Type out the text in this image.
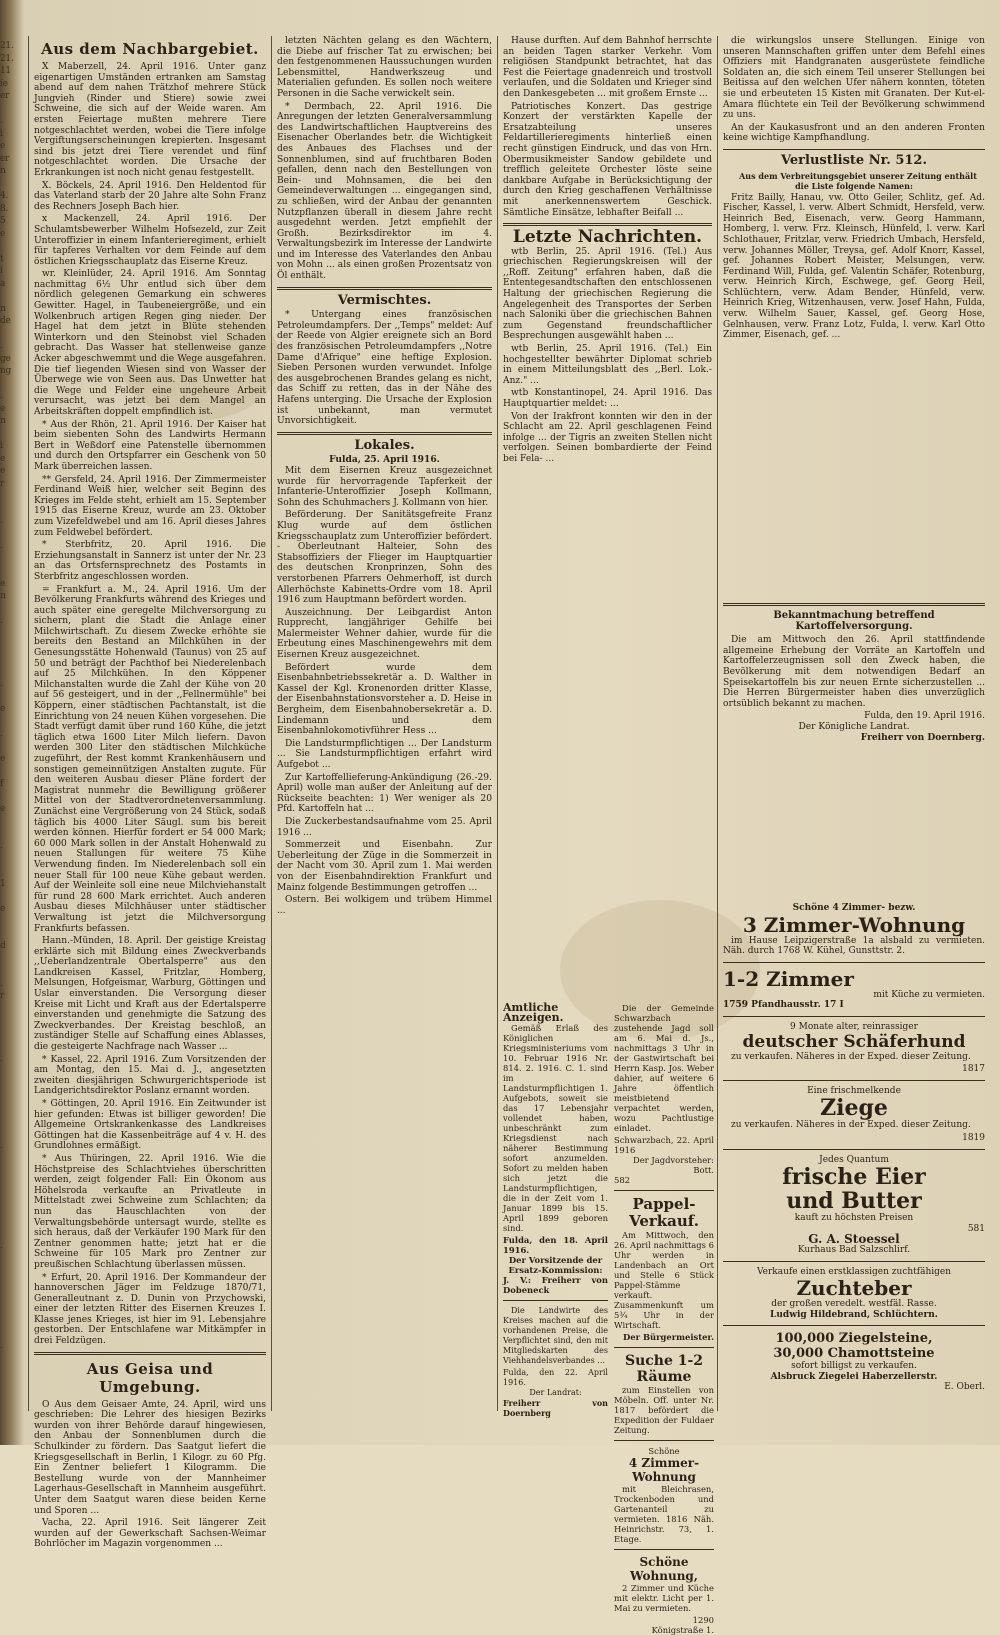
21.
21.
11
ie
er
.
i
e
er
n
4.
8.
5
e
t
i
a
n
de
.
ge
ng
.
e
n
i
e
e
r
.
.
e
n
.
.
e
.
e
f
e
.
1
e
d
.
r
.
.
.
.
Aus dem Nachbargebiet.

X Maberzell, 24. April 1916. Unter ganz eigenartigen Umständen ertranken am Samstag abend auf dem nahen Trätzhof mehrere Stück Jungvieh (Rinder und Stiere) sowie zwei Schweine, die sich auf der Weide waren. Am ersten Feiertage mußten mehrere Tiere notgeschlachtet werden, wobei die Tiere infolge Vergiftungserscheinungen krepierten. Insgesamt sind bis jetzt drei Tiere verendet und fünf notgeschlachtet worden. Die Ursache der Erkrankungen ist noch nicht genau festgestellt.

X. Böckels, 24. April 1916. Den Heldentod für das Vaterland starb der 20 Jahre alte Sohn Franz des Rechners Joseph Bach hier.

x Mackenzell, 24. April 1916. Der Schulamtsbewerber Wilhelm Hofsezeld, zur Zeit Unteroffizier in einem Infanterieregiment, erhielt für tapferes Verhalten vor dem Feinde auf dem östlichen Kriegsschauplatz das Eiserne Kreuz.

wr. Kleinlüder, 24. April 1916. Am Sonntag nachmittag 6½ Uhr entlud sich über dem nördlich gelegenen Gemarkung ein schweres Gewitter. Hagel, in Taubeneiergröße, und ein Wolkenbruch artigen Regen ging nieder. Der Hagel hat dem jetzt in Blüte stehenden Winterkorn und den Steinobst viel Schaden gebracht. Das Wasser hat stellenweise ganze Acker abgeschwemmt und die Wege ausgefahren. Die tief liegenden Wiesen sind von Wasser der Überwege wie von Seen aus. Das Unwetter hat die Wege und Felder eine ungeheure Arbeit verursacht, was jetzt bei dem Mangel an Arbeitskräften doppelt empfindlich ist.

* Aus der Rhön, 21. April 1916. Der Kaiser hat beim siebenten Sohn des Landwirts Hermann Bert in Weßdorf eine Patenstelle übernommen und durch den Ortspfarrer ein Geschenk von 50 Mark überreichen lassen.

** Gersfeld, 24. April 1916. Der Zimmermeister Ferdinand Weiß hier, welcher seit Beginn des Krieges im Felde steht, erhielt am 15. September 1915 das Eiserne Kreuz, wurde am 23. Oktober zum Vizefeldwebel und am 16. April dieses Jahres zum Feldwebel befördert.

* Sterbfritz, 20. April 1916. Die Erziehungsanstalt in Sannerz ist unter der Nr. 23 an das Ortsfernsprechnetz des Postamts in Sterbfritz angeschlossen worden.

= Frankfurt a. M., 24. April 1916. Um der Bevölkerung Frankfurts während des Krieges und auch später eine geregelte Milchversorgung zu sichern, plant die Stadt die Anlage einer Milchwirtschaft. Zu diesem Zwecke erhöhte sie bereits den Bestand an Milchkühen in der Genesungsstätte Hohenwald (Taunus) von 25 auf 50 und beträgt der Pachthof bei Niederelenbach auf 25 Milchkühen. In den Köppener Milchanstalten wurde die Zahl der Kühe von 20 auf 56 gesteigert, und in der ,,Fellnermühle" bei Köppern, einer städtischen Pachtanstalt, ist die Einrichtung von 24 neuen Kühen vorgesehen. Die Stadt verfügt damit über rund 160 Kühe, die jetzt täglich etwa 1600 Liter Milch liefern. Davon werden 300 Liter den städtischen Milchküche zugeführt, der Rest kommt Krankenhäusern und sonstigen gemeinnützigen Anstalten zugute. Für den weiteren Ausbau dieser Pläne fordert der Magistrat nunmehr die Bewilligung größerer Mittel von der Stadtverordnetenversammlung. Zunächst eine Vergrößerung von 24 Stück, sodaß täglich bis 4000 Liter Säugl. sum bis bereit werden können. Hierfür fordert er 54 000 Mark; 60 000 Mark sollen in der Anstalt Hohenwald zu neuen Stallungen für weitere 75 Kühe Verwendung finden. Im Niederelenbach soll ein neuer Stall für 100 neue Kühe gebaut werden. Auf der Weinleite soll eine neue Milchviehanstalt für rund 28 600 Mark errichtet. Auch anderen Ausbau dieses Milchhäuser unter städtischer Verwaltung ist jetzt die Milchversorgung Frankfurts befassen.

Hann.-Münden, 18. April. Der geistige Kreistag erklärte sich mit Bildung eines Zweckverbands ,,Ueberlandzentrale Obertalsperre" aus den Landkreisen Kassel, Fritzlar, Homberg, Melsungen, Hofgeismar, Warburg, Göttingen und Uslar einverstanden. Die Versorgung dieser Kreise mit Licht und Kraft aus der Edertalsperre einverstanden und genehmigte die Satzung des Zweckverbandes. Der Kreistag beschloß, an zuständiger Stelle auf Schaffung eines Ablasses, die gesteigerte Nachfrage nach Wasser ...

* Kassel, 22. April 1916. Zum Vorsitzenden der am Montag, den 15. Mai d. J., angesetzten zweiten diesjährigen Schwurgerichtsperiode ist Landgerichtsdirektor Poslanz ernannt worden.

* Göttingen, 20. April 1916. Ein Zeitwunder ist hier gefunden: Etwas ist billiger geworden! Die Allgemeine Ortskrankenkasse des Landkreises Göttingen hat die Kassenbeiträge auf 4 v. H. des Grundlohnes ermäßigt.

* Aus Thüringen, 22. April 1916. Wie die Höchstpreise des Schlachtviehes überschritten werden, zeigt folgender Fall: Ein Ökonom aus Höhelsroda verkaufte an Privatleute in Mittelstadt zwei Schweine zum Schlachten; da nun das Hauschlachten von der Verwaltungsbehörde untersagt wurde, stellte es sich heraus, daß der Verkäufer 190 Mark für den Zentner genommen hatte; jetzt hat er die Schweine für 105 Mark pro Zentner zur preußischen Schlachtung überlassen müssen.

* Erfurt, 20. April 1916. Der Kommandeur der hannoverschen Jäger im Feldzuge 1870/71, Generalleutnant z. D. Dunin von Przychowski, einer der letzten Ritter des Eisernen Kreuzes I. Klasse jenes Krieges, ist hier im 91. Lebensjahre gestorben. Der Entschlafene war Mitkämpfer in drei Feldzügen.

Aus Geisa und Umgebung.

O Aus dem Geisaer Amte, 24. April, wird uns geschrieben: Die Lehrer des hiesigen Bezirks wurden von ihrer Behörde darauf hingewiesen, den Anbau der Sonnenblumen durch die Schulkinder zu fördern. Das Saatgut liefert die Kriegsgesellschaft in Berlin, 1 Kilogr. zu 60 Pfg. Ein Zentner beliefert 1 Kilogramm. Die Bestellung wurde von der Mannheimer Lagerhaus-Gesellschaft in Mannheim ausgeführt. Unter dem Saatgut waren diese beiden Kerne und Sporen ...

Vacha, 22. April 1916. Seit längerer Zeit wurden auf der Gewerkschaft Sachsen-Weimar Bohrlöcher im Magazin vorgenommen ...

letzten Nächten gelang es den Wächtern, die Diebe auf frischer Tat zu erwischen; bei den festgenommenen Haussuchungen wurden Lebensmittel, Handwerkszeug und Materialien gefunden. Es sollen noch weitere Personen in die Sache verwickelt sein.

* Dermbach, 22. April 1916. Die Anregungen der letzten Generalversammlung des Landwirtschaftlichen Hauptvereins des Eisenacher Oberlandes betr. die Wichtigkeit des Anbaues des Flachses und der Sonnenblumen, sind auf fruchtbaren Boden gefallen, denn nach den Bestellungen von Bein- und Mohnsamen, die bei den Gemeindeverwaltungen ... eingegangen sind, zu schließen, wird der Anbau der genannten Nutzpflanzen überall in diesem Jahre recht ausgedehnt werden. Jetzt empfiehlt der Großh. Bezirksdirektor im 4. Verwaltungsbezirk im Interesse der Landwirte und im Interesse des Vaterlandes den Anbau von Mohn ... als einen großen Prozentsatz von Öl enthält.

Vermischtes.

* Untergang eines französischen Petroleumdampfers. Der ,,Temps" meldet: Auf der Reede von Algier ereignete sich an Bord des französischen Petroleumdampfers ,,Notre Dame d'Afrique" eine heftige Explosion. Sieben Personen wurden verwundet. Infolge des ausgebrochenen Brandes gelang es nicht, das Schiff zu retten, das in der Nähe des Hafens unterging. Die Ursache der Explosion ist unbekannt, man vermutet Unvorsichtigkeit.

Lokales.
Fulda, 25. April 1916.

Mit dem Eisernen Kreuz ausgezeichnet wurde für hervorragende Tapferkeit der Infanterie-Unteroffizier Joseph Kollmann, Sohn des Schuhmachers J. Kollmann von hier.

Beförderung. Der Sanitätsgefreite Franz Klug wurde auf dem östlichen Kriegsschauplatz zum Unteroffizier befördert. - Oberleutnant Halteier, Sohn des Stabsoffiziers der Flieger im Hauptquartier des deutschen Kronprinzen, Sohn des verstorbenen Pfarrers Oehmerhoff, ist durch Allerhöchste Kabinetts-Ordre vom 18. April 1916 zum Hauptmann befördert worden.

Auszeichnung. Der Leibgardist Anton Rupprecht, langjähriger Gehilfe bei Malermeister Wehner dahier, wurde für die Erbeutung eines Maschinengewehrs mit dem Eisernen Kreuz ausgezeichnet.

Befördert wurde dem Eisenbahnbetriebssekretär a. D. Walther in Kassel der Kgl. Kronenorden dritter Klasse, der Eisenbahnstationsvorsteher a. D. Heise in Bergheim, dem Eisenbahnobersekretär a. D. Lindemann und dem Eisenbahnlokomotivführer Hess ...

Die Landsturmpflichtigen ... Der Landsturm ... Sie Landsturmpflichtigen erfahrt wird Aufgebot ...

Zur Kartoffellieferung-Ankündigung (26.-29. April) wolle man außer der Anleitung auf der Rückseite beachten: 1) Wer weniger als 20 Pfd. Kartoffeln hat ...

Die Zuckerbestandsaufnahme vom 25. April 1916 ...

Sommerzeit und Eisenbahn. Zur Ueberleitung der Züge in die Sommerzeit in der Nacht vom 30. April zum 1. Mai werden von der Eisenbahndirektion Frankfurt und Mainz folgende Bestimmungen getroffen ...

Ostern. Bei wolkigem und trübem Himmel ...

Hause durften. Auf dem Bahnhof herrschte an beiden Tagen starker Verkehr. Vom religiösen Standpunkt betrachtet, hat das Fest die Feiertage gnadenreich und trostvoll verlaufen, und die Soldaten und Krieger sind den Dankesgebeten ... mit großem Ernste ...

Patriotisches Konzert. Das gestrige Konzert der verstärkten Kapelle der Ersatzabteilung unseres Feldartillerieregiments hinterließ einen recht günstigen Eindruck, und das von Hrn. Obermusikmeister Sandow gebildete und trefflich geleitete Orchester löste seine dankbare Aufgabe in Berücksichtigung der durch den Krieg geschaffenen Verhältnisse mit anerkennenswertem Geschick. Sämtliche Einsätze, lebhafter Beifall ...

Letzte Nachrichten.

wtb Berlin, 25. April 1916. (Tel.) Aus griechischen Regierungskreisen will der ,,Roff. Zeitung" erfahren haben, daß die Ententegesandtschaften den entschlossenen Haltung der griechischen Regierung die Angelegenheit des Transportes der Serben nach Saloniki über die griechischen Bahnen zum Gegenstand freundschaftlicher Besprechungen ausgewählt haben ...

wtb Berlin, 25. April 1916. (Tel.) Ein hochgestellter bewährter Diplomat schrieb in einem Mitteilungsblatt des ,,Berl. Lok.-Anz." ...

wtb Konstantinopel, 24. April 1916. Das Hauptquartier meldet: ...

Von der Irakfront konnten wir den in der Schlacht am 22. April geschlagenen Feind infolge ... der Tigris an zweiten Stellen nicht verfolgen. Seinen bombardierte der Feind bei Fela- ...

die wirkungslos unsere Stellungen. Einige von unseren Mannschaften griffen unter dem Befehl eines Offiziers mit Handgranaten ausgerüstete feindliche Soldaten an, die sich einem Teil unserer Stellungen bei Beitissa auf den welchen Ufer nähern konnten, töteten sie und erbeuteten 15 Kisten mit Granaten. Der Kut-el-Amara flüchtete ein Teil der Bevölkerung schwimmend zu uns.

An der Kaukasusfront und an den anderen Fronten keine wichtige Kampfhandlung.

Verlustliste Nr. 512.

Aus dem Verbreitungsgebiet unserer Zeitung enthält die Liste folgende Namen:

Fritz Bailly, Hanau, vw. Otto Geiler, Schlitz, gef. Ad. Fischer, Kassel, l. verw. Albert Schmidt, Hersfeld, verw. Heinrich Bed, Eisenach, verw. Georg Hammann, Homberg, l. verw. Frz. Kleinsch, Hünfeld, l. verw. Karl Schlothauer, Fritzlar, verw. Friedrich Umbach, Hersfeld, verw. Johannes Möller, Treysa, gef. Adolf Knorr, Kassel, gef. Johannes Robert Meister, Melsungen, verw. Ferdinand Will, Fulda, gef. Valentin Schäfer, Rotenburg, verw. Heinrich Kirch, Eschwege, gef. Georg Heil, Schlüchtern, verw. Adam Bender, Hünfeld, verw. Heinrich Krieg, Witzenhausen, verw. Josef Hahn, Fulda, verw. Wilhelm Sauer, Kassel, gef. Georg Hose, Gelnhausen, verw. Franz Lotz, Fulda, l. verw. Karl Otto Zimmer, Eisenach, gef. ...

Bekanntmachung betreffend Kartoffelversorgung.

Die am Mittwoch den 26. April stattfindende allgemeine Erhebung der Vorräte an Kartoffeln und Kartoffelerzeugnissen soll den Zweck haben, die Bevölkerung mit dem notwendigen Bedarf an Speisekartoffeln bis zur neuen Ernte sicherzustellen ... Die Herren Bürgermeister haben dies unverzüglich ortsüblich bekannt zu machen.

Fulda, den 19. April 1916.
Der Königliche Landrat.
Freiherr von Doernberg.
Amtliche Anzeigen.

Gemäß Erlaß des Königlichen Kriegsministeriums vom 10. Februar 1916 Nr. 814. 2. 1916. C. 1. sind im Landsturmpflichtigen 1. Aufgebots, soweit sie das 17 Lebensjahr vollendet haben, unbeschränkt zum Kriegsdienst nach näherer Bestimmung sofort anzumelden. Sofort zu melden haben sich jetzt die Landsturmpflichtigen, die in der Zeit vom 1. Januar 1899 bis 15. April 1899 geboren sind.

Fulda, den 18. April 1916.
Der Vorsitzende der Ersatz-Kommission:
J. V.: Freiherr von Dobeneck

Die Landwirte des Kreises machen auf die vorhandenen Preise, die Verpflichtet sind, den mit Mitgliedskarten des Viehhandelsverbandes ...

Fulda, den 22. April 1916.
Der Landrat:
Freiherr von Doernberg

Die der Gemeinde Schwarzbach zustehende Jagd soll am 6. Mai d. Js., nachmittags 3 Uhr in der Gastwirtschaft bei Herrn Kasp. Jos. Weber dahier, auf weitere 6 Jahre öffentlich meistbietend verpachtet werden, wozu Pachtlustige einladet.

Schwarzbach, 22. April 1916
Der Jagdvorsteher:
Bott.
582
Pappel-Verkauf.

Am Mittwoch, den 26. April nachmittags 6 Uhr werden in Landenbach an Ort und Stelle 6 Stück Pappel-Stämme verkauft. Zusammenkunft um 5¾ Uhr in der Wirtschaft.

Der Bürgermeister.
Suche 1-2 Räume

zum Einstellen von Möbeln. Off. unter Nr. 1817 befördert die Expedition der Fuldaer Zeitung.

Schöne
4 Zimmer-Wohnung

mit Bleichrasen, Trockenboden und Gartenanteil zu vermieten. 1816 Näh. Heinrichstr. 73, 1. Etage.

Schöne Wohnung,

2 Zimmer und Küche mit elektr. Licht per 1. Mai zu vermieten.

1290
Königstraße 1.
Schöne 4 Zimmer- bezw.
3 Zimmer-Wohnung

im Hause Leipzigerstraße 1a alsbald zu vermieten. Näh. durch 1768 W. Kühel, Gunsttstr. 2.

1-2 Zimmer
mit Küche zu vermieten.
1759 Pfandhausstr. 17 I
9 Monate alter, reinrassiger
deutscher Schäferhund

zu verkaufen. Näheres in der Exped. dieser Zeitung.

1817
Eine frischmelkende
Ziege

zu verkaufen. Näheres in der Exped. dieser Zeitung.

1819
Jedes Quantum
frische Eier
und Butter
kauft zu höchsten Preisen
581
G. A. Stoessel
Kurhaus Bad Salzschlirf.
Verkaufe einen erstklassigen zuchtfähigen
Zuchteber
der großen veredelt. westfäl. Rasse.
Ludwig Hildebrand, Schlüchtern.
100,000 Ziegelsteine,
30,000 Chamottsteine
sofort billigst zu verkaufen.
Alsbruck Ziegelei Haberzellerstr.
E. Oberl.
